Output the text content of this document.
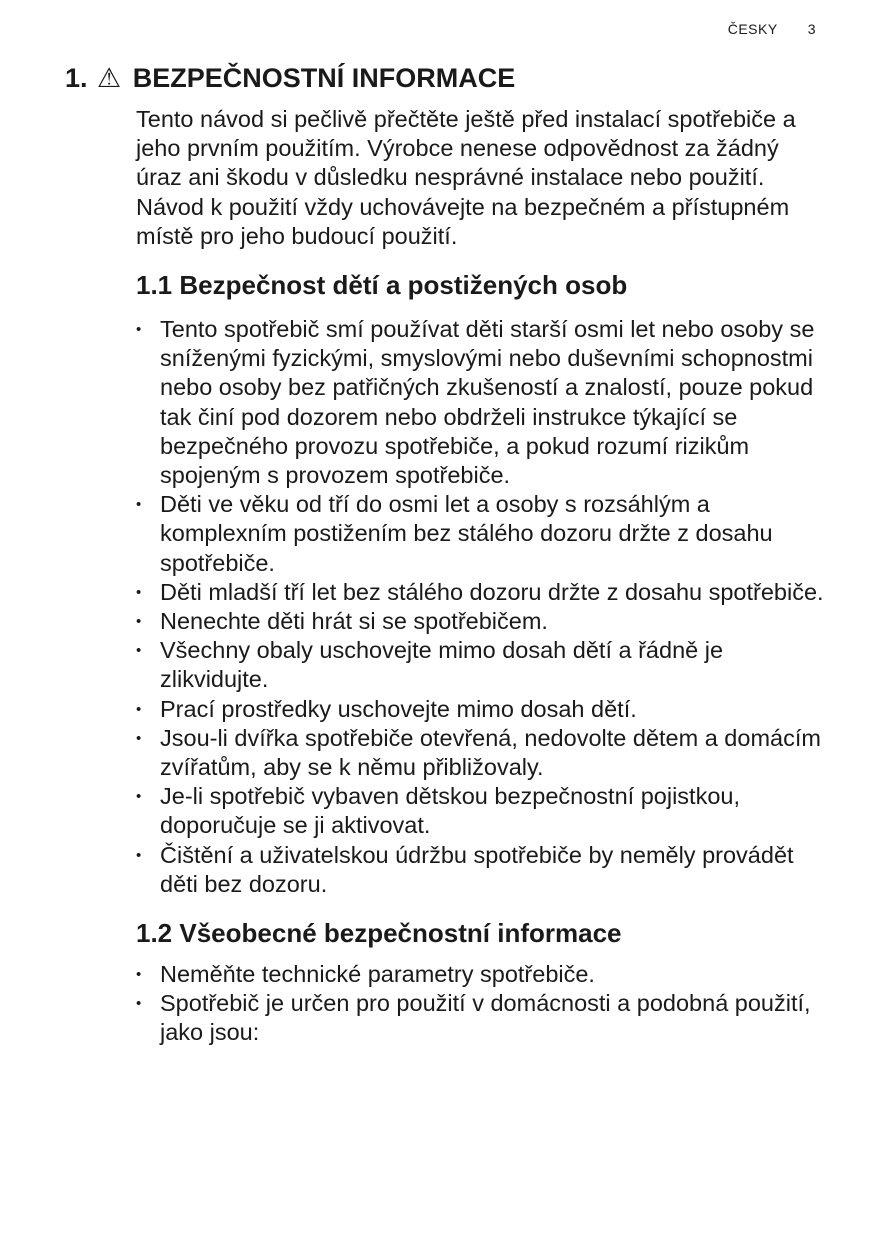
ČESKY 3
1. ⚠ BEZPEČNOSTNÍ INFORMACE

Tento návod si pečlivě přečtěte ještě před instalací spotřebiče a jeho prvním použitím. Výrobce nenese odpovědnost za žádný úraz ani škodu v důsledku nesprávné instalace nebo použití. Návod k použití vždy uchovávejte na bezpečném a přístupném místě pro jeho budoucí použití.

1.1 Bezpečnost dětí a postižených osob
• Tento spotřebič smí používat děti starší osmi let nebo osoby se sníženými fyzickými, smyslovými nebo duševními schopnostmi nebo osoby bez patřičných zkušeností a znalostí, pouze pokud tak činí pod dozorem nebo obdrželi instrukce týkající se bezpečného provozu spotřebiče, a pokud rozumí rizikům spojeným s provozem spotřebiče.
• Děti ve věku od tří do osmi let a osoby s rozsáhlým a komplexním postižením bez stálého dozoru držte z dosahu spotřebiče.
• Děti mladší tří let bez stálého dozoru držte z dosahu spotřebiče.
• Nenechte děti hrát si se spotřebičem.
• Všechny obaly uschovejte mimo dosah dětí a řádně je zlikvidujte.
• Prací prostředky uschovejte mimo dosah dětí.
• Jsou-li dvířka spotřebiče otevřená, nedovolte dětem a domácím zvířatům, aby se k němu přibližovaly.
• Je-li spotřebič vybaven dětskou bezpečnostní pojistkou, doporučuje se ji aktivovat.
• Čištění a uživatelskou údržbu spotřebiče by neměly provádět děti bez dozoru.
1.2 Všeobecné bezpečnostní informace
• Neměňte technické parametry spotřebiče.
• Spotřebič je určen pro použití v domácnosti a podobná použití, jako jsou:
